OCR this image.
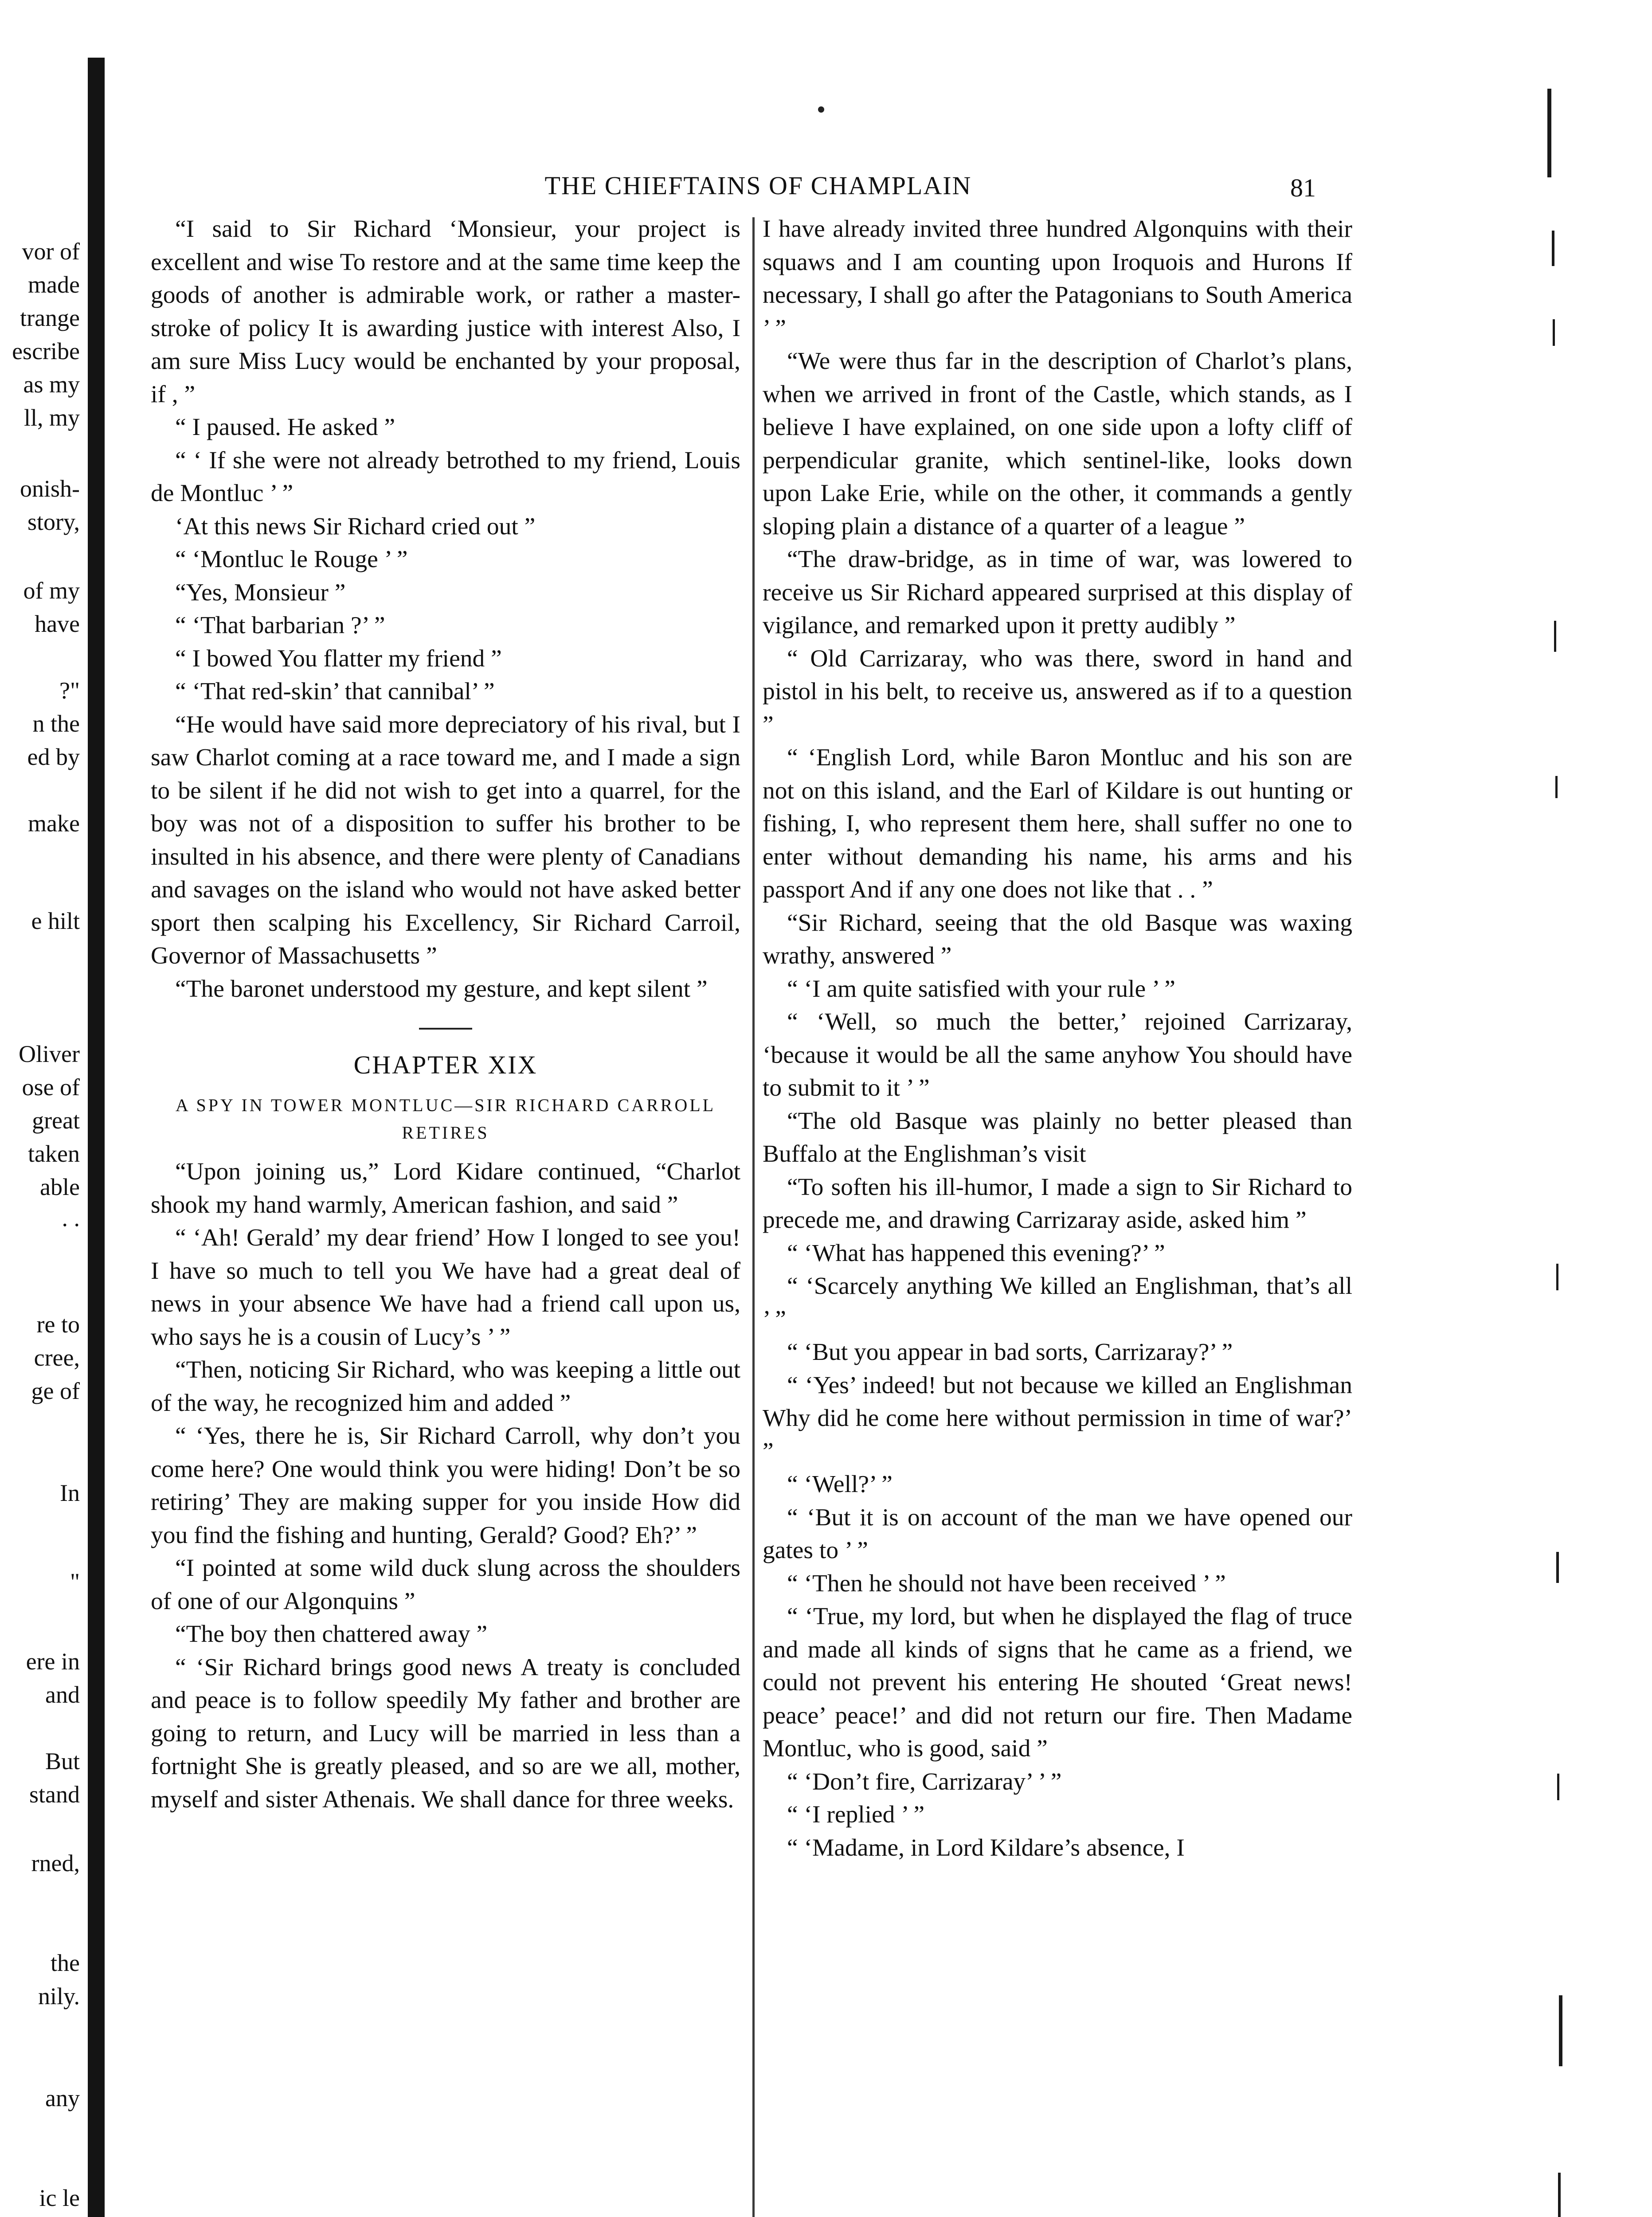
vor of
made
trange
escribe
as my
ll, my
onish-
story,
of my
have
?"
n the
ed by
make
e hilt
Oliver
ose of
great
taken
able
. .
re to
cree,
ge of
In
"
ere in
and
But
stand
rned,
the
nily.
any
ic le
THE CHIEFTAINS OF CHAMPLAIN	81

“I said to Sir Richard ‘Monsieur, your project is excellent and wise To restore and at the same time keep the goods of another is admirable work, or rather a master-stroke of policy It is awarding justice with interest Also, I am sure Miss Lucy would be enchanted by your proposal, if , ”

“ I paused. He asked ”

“ ‘ If she were not already betrothed to my friend, Louis de Montluc ’ ”

‘At this news Sir Richard cried out ”

“ ‘Montluc le Rouge ’ ”

“Yes, Monsieur ”

“ ‘That barbarian ?’ ”

“ I bowed You flatter my friend ”

“ ‘That red-skin’ that cannibal’ ”

“He would have said more depreciatory of his rival, but I saw Charlot coming at a race toward me, and I made a sign to be silent if he did not wish to get into a quarrel, for the boy was not of a disposition to suffer his brother to be insulted in his absence, and there were plenty of Canadians and savages on the island who would not have asked better sport then scalping his Excellency, Sir Richard Carroil, Governor of Massachusetts ”

“The baronet understood my gesture, and kept silent ”

CHAPTER XIX
A SPY IN TOWER MONTLUC—SIR RICHARD CARROLL RETIRES

“Upon joining us,” Lord Kidare continued, “Charlot shook my hand warmly, American fashion, and said ”

“ ‘Ah! Gerald’ my dear friend’ How I longed to see you! I have so much to tell you We have had a great deal of news in your absence We have had a friend call upon us, who says he is a cousin of Lucy’s ’ ”

“Then, noticing Sir Richard, who was keeping a little out of the way, he recognized him and added ”

“ ‘Yes, there he is, Sir Richard Carroll, why don’t you come here? One would think you were hiding! Don’t be so retiring’ They are making supper for you inside How did you find the fishing and hunting, Gerald? Good? Eh?’ ”

“I pointed at some wild duck slung across the shoulders of one of our Algonquins ”

“The boy then chattered away ”

“ ‘Sir Richard brings good news A treaty is concluded and peace is to follow speedily My father and brother are going to return, and Lucy will be married in less than a fortnight She is greatly pleased, and so are we all, mother, myself and sister Athenais. We shall dance for three weeks.

I have already invited three hundred Algonquins with their squaws and I am counting upon Iroquois and Hurons If necessary, I shall go after the Patagonians to South America ’ ”

“We were thus far in the description of Charlot’s plans, when we arrived in front of the Castle, which stands, as I believe I have explained, on one side upon a lofty cliff of perpendicular granite, which sentinel-like, looks down upon Lake Erie, while on the other, it commands a gently sloping plain a distance of a quarter of a league ”

“The draw-bridge, as in time of war, was lowered to receive us Sir Richard appeared surprised at this display of vigilance, and remarked upon it pretty audibly ”

“ Old Carrizaray, who was there, sword in hand and pistol in his belt, to receive us, answered as if to a question ”

“ ‘English Lord, while Baron Montluc and his son are not on this island, and the Earl of Kildare is out hunting or fishing, I, who represent them here, shall suffer no one to enter without demanding his name, his arms and his passport And if any one does not like that . . ”

“Sir Richard, seeing that the old Basque was waxing wrathy, answered ”

“ ‘I am quite satisfied with your rule ’ ”

“ ‘Well, so much the better,’ rejoined Carrizaray, ‘because it would be all the same anyhow You should have to submit to it ’ ”

“The old Basque was plainly no better pleased than Buffalo at the Englishman’s visit

“To soften his ill-humor, I made a sign to Sir Richard to precede me, and drawing Carrizaray aside, asked him ”

“ ‘What has happened this evening?’ ”

“ ‘Scarcely anything We killed an Englishman, that’s all ’ ”

“ ‘But you appear in bad sorts, Carrizaray?’ ”

“ ‘Yes’ indeed! but not because we killed an Englishman Why did he come here without permission in time of war?’ ”

“ ‘Well?’ ”

“ ‘But it is on account of the man we have opened our gates to ’ ”

“ ‘Then he should not have been received ’ ”

“ ‘True, my lord, but when he displayed the flag of truce and made all kinds of signs that he came as a friend, we could not prevent his entering He shouted ‘Great news! peace’ peace!’ and did not return our fire. Then Madame Montluc, who is good, said ”

“ ‘Don’t fire, Carrizaray’ ’ ”

“ ‘I replied ’ ”

“ ‘Madame, in Lord Kildare’s absence, I
